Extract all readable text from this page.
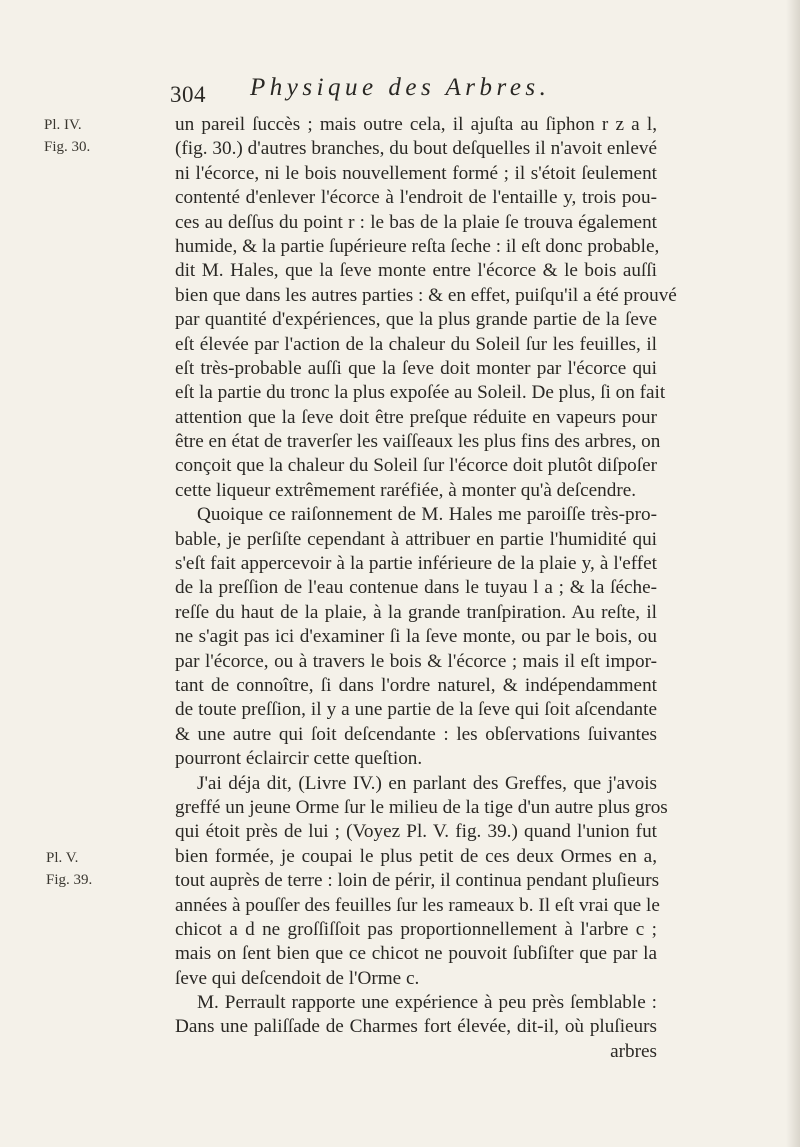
304 Physique des Arbres.
Pl. IV.
Fig. 30.
Pl. V.
Fig. 39.
un pareil ſuccès ; mais outre cela, il ajuſta au ſiphon r z a l,
(fig. 30.) d'autres branches, du bout deſquelles il n'avoit enlevé
ni l'écorce, ni le bois nouvellement formé ; il s'étoit ſeulement
contenté d'enlever l'écorce à l'endroit de l'entaille y, trois pou-
ces au deſſus du point r : le bas de la plaie ſe trouva également
humide, & la partie ſupérieure reſta ſeche : il eſt donc probable,
dit M. Hales, que la ſeve monte entre l'écorce & le bois auſſi
bien que dans les autres parties : & en effet, puiſqu'il a été prouvé
par quantité d'expériences, que la plus grande partie de la ſeve
eſt élevée par l'action de la chaleur du Soleil ſur les feuilles, il
eſt très-probable auſſi que la ſeve doit monter par l'écorce qui
eſt la partie du tronc la plus expoſée au Soleil. De plus, ſi on fait
attention que la ſeve doit être preſque réduite en vapeurs pour
être en état de traverſer les vaiſſeaux les plus fins des arbres, on
conçoit que la chaleur du Soleil ſur l'écorce doit plutôt diſpoſer
cette liqueur extrêmement raréfiée, à monter qu'à deſcendre.
Quoique ce raiſonnement de M. Hales me paroiſſe très-pro-
bable, je perſiſte cependant à attribuer en partie l'humidité qui
s'eſt fait appercevoir à la partie inférieure de la plaie y, à l'effet
de la preſſion de l'eau contenue dans le tuyau l a ; & la ſéche-
reſſe du haut de la plaie, à la grande tranſpiration. Au reſte, il
ne s'agit pas ici d'examiner ſi la ſeve monte, ou par le bois, ou
par l'écorce, ou à travers le bois & l'écorce ; mais il eſt impor-
tant de connoître, ſi dans l'ordre naturel, & indépendamment
de toute preſſion, il y a une partie de la ſeve qui ſoit aſcendante
& une autre qui ſoit deſcendante : les obſervations ſuivantes
pourront éclaircir cette queſtion.
J'ai déja dit, (Livre IV.) en parlant des Greffes, que j'avois
greffé un jeune Orme ſur le milieu de la tige d'un autre plus gros
qui étoit près de lui ; (Voyez Pl. V. fig. 39.) quand l'union fut
bien formée, je coupai le plus petit de ces deux Ormes en a,
tout auprès de terre : loin de périr, il continua pendant pluſieurs
années à pouſſer des feuilles ſur les rameaux b. Il eſt vrai que le
chicot a d ne groſſiſſoit pas proportionnellement à l'arbre c ;
mais on ſent bien que ce chicot ne pouvoit ſubſiſter que par la
ſeve qui deſcendoit de l'Orme c.
M. Perrault rapporte une expérience à peu près ſemblable :
Dans une paliſſade de Charmes fort élevée, dit-il, où pluſieurs
arbres
